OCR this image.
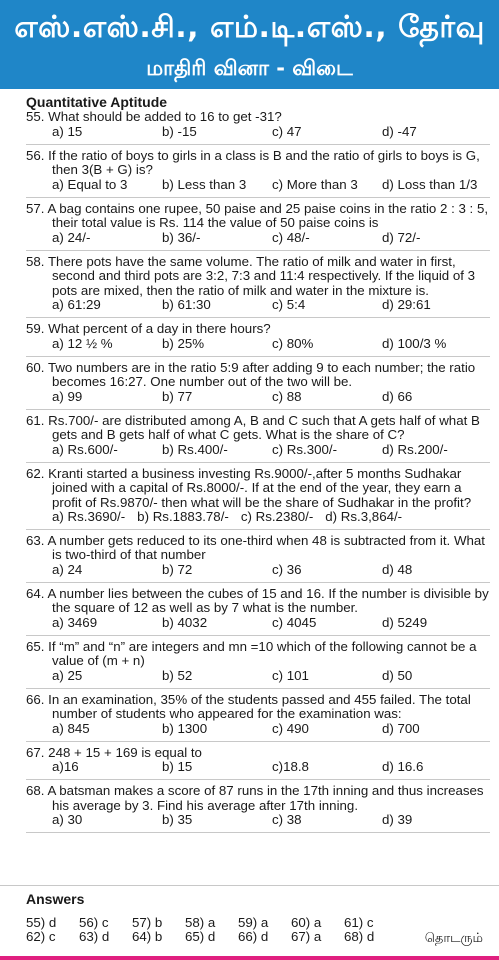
எஸ்.எஸ்.சி., எம்.டி.எஸ்., தேர்வு
மாதிரி வினா - விடை
Quantitative Aptitude
55. What should be added to 16 to get -31?
a) 15	b) -15	c) 47	d) -47
56. If the ratio of boys to girls in a class is B and the ratio of girls to boys is G, then 3(B + G) is?
a) Equal to 3	b) Less than 3 c) More than 3 d) Loss than 1/3
57. A bag contains one rupee, 50 paise and 25 paise coins in the ratio 2 : 3 : 5, their total value is Rs. 114 the value of 50 paise coins is
a) 24/-	b) 36/-	c) 48/-	d) 72/-
58. There pots have the same volume. The ratio of milk and water in first, second and third pots are 3:2, 7:3 and 11:4 respectively. If the liquid of 3 pots are mixed, then the ratio of milk and water in the mixture is.
a) 61:29	b) 61:30	c) 5:4	d) 29:61
59. What percent of a day in there hours?
a) 12 ½ %	b) 25%	c) 80%	d) 100/3 %
60. Two numbers are in the ratio 5:9 after adding 9 to each number; the ratio becomes 16:27. One number out of the two will be.
a) 99	b) 77	c) 88	d) 66
61. Rs.700/- are distributed among A, B and C such that A gets half of what B gets and B gets half of what C gets. What is the share of C?
a) Rs.600/-	b) Rs.400/-	c) Rs.300/-	d) Rs.200/-
62. Kranti started a business investing Rs.9000/-,after 5 months Sudhakar joined with a capital of Rs.8000/-. If at the end of the year, they earn a profit of Rs.9870/- then what will be the share of Sudhakar in the profit?
a) Rs.3690/- b) Rs.1883.78/- c) Rs.2380/- d) Rs.3,864/-
63. A number gets reduced to its one-third when 48 is subtracted from it. What is two-third of that number
a) 24	b) 72	c) 36	d) 48
64. A number lies between the cubes of 15 and 16. If the number is divisible by the square of 12 as well as by 7 what is the number.
a) 3469	b) 4032	c) 4045	d) 5249
65. If “m” and “n” are integers and mn =10 which of the following cannot be a value of (m + n)
a) 25	b) 52	c) 101	d) 50
66. In an examination, 35% of the students passed and 455 failed. The total number of students who appeared for the examination was:
a) 845	b) 1300	c) 490	d) 700
67. 248 + 15 + 169 is equal to
a)16	b) 15	c)18.8	d) 16.6
68. A batsman makes a score of 87 runs in the 17th inning and thus increases his average by 3. Find his average after 17th inning.
a) 30	b) 35	c) 38	d) 39
Answers
55) d 56) c 57) b 58) a 59) a 60) a 61) c
62) c 63) d 64) b 65) d 66) d 67) a 68) d	தொடரும்
